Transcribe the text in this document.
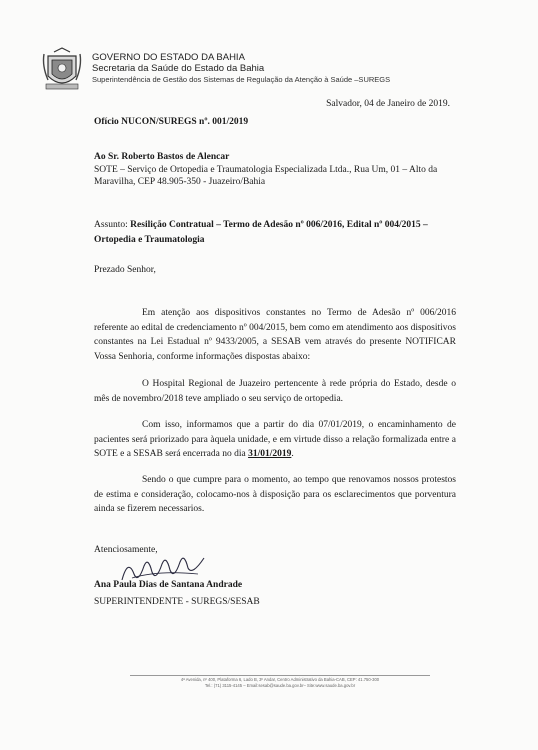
GOVERNO DO ESTADO DA BAHIA
Secretaria da Saúde do Estado da Bahia
Superintendência de Gestão dos Sistemas de Regulação da Atenção à Saúde –SUREGS
Salvador, 04 de Janeiro de 2019.
Ofício NUCON/SUREGS nº. 001/2019
Ao Sr. Roberto Bastos de Alencar
SOTE – Serviço de Ortopedia e Traumatologia Especializada Ltda., Rua Um, 01 – Alto da Maravilha, CEP 48.905-350 - Juazeiro/Bahia
Assunto: Resilição Contratual – Termo de Adesão nº 006/2016, Edital nº 004/2015 – Ortopedia e Traumatologia
Prezado Senhor,
Em atenção aos dispositivos constantes no Termo de Adesão nº 006/2016 referente ao edital de credenciamento nº 004/2015, bem como em atendimento aos dispositivos constantes na Lei Estadual nº 9433/2005, a SESAB vem através do presente NOTIFICAR Vossa Senhoria, conforme informações dispostas abaixo:
O Hospital Regional de Juazeiro pertencente à rede própria do Estado, desde o mês de novembro/2018 teve ampliado o seu serviço de ortopedia.
Com isso, informamos que a partir do dia 07/01/2019, o encaminhamento de pacientes será priorizado para àquela unidade, e em virtude disso a relação formalizada entre a SOTE e a SESAB será encerrada no dia 31/01/2019.
Sendo o que cumpre para o momento, ao tempo que renovamos nossos protestos de estima e consideração, colocamo-nos à disposição para os esclarecimentos que porventura ainda se fizerem necessarios.
Atenciosamente,
Ana Paula Dias de Santana Andrade
SUPERINTENDENTE - SUREGS/SESAB
4ª Avenida, nº 400, Plataforma 6, Lado B, 3º Andar, Centro Administrativo da Bahia-CAB, CEP: 41.750-300
Tel.: (71) 3115-4145 – Email:sesab@saude.ba.gov.br– Site:www.saude.ba.gov.br
